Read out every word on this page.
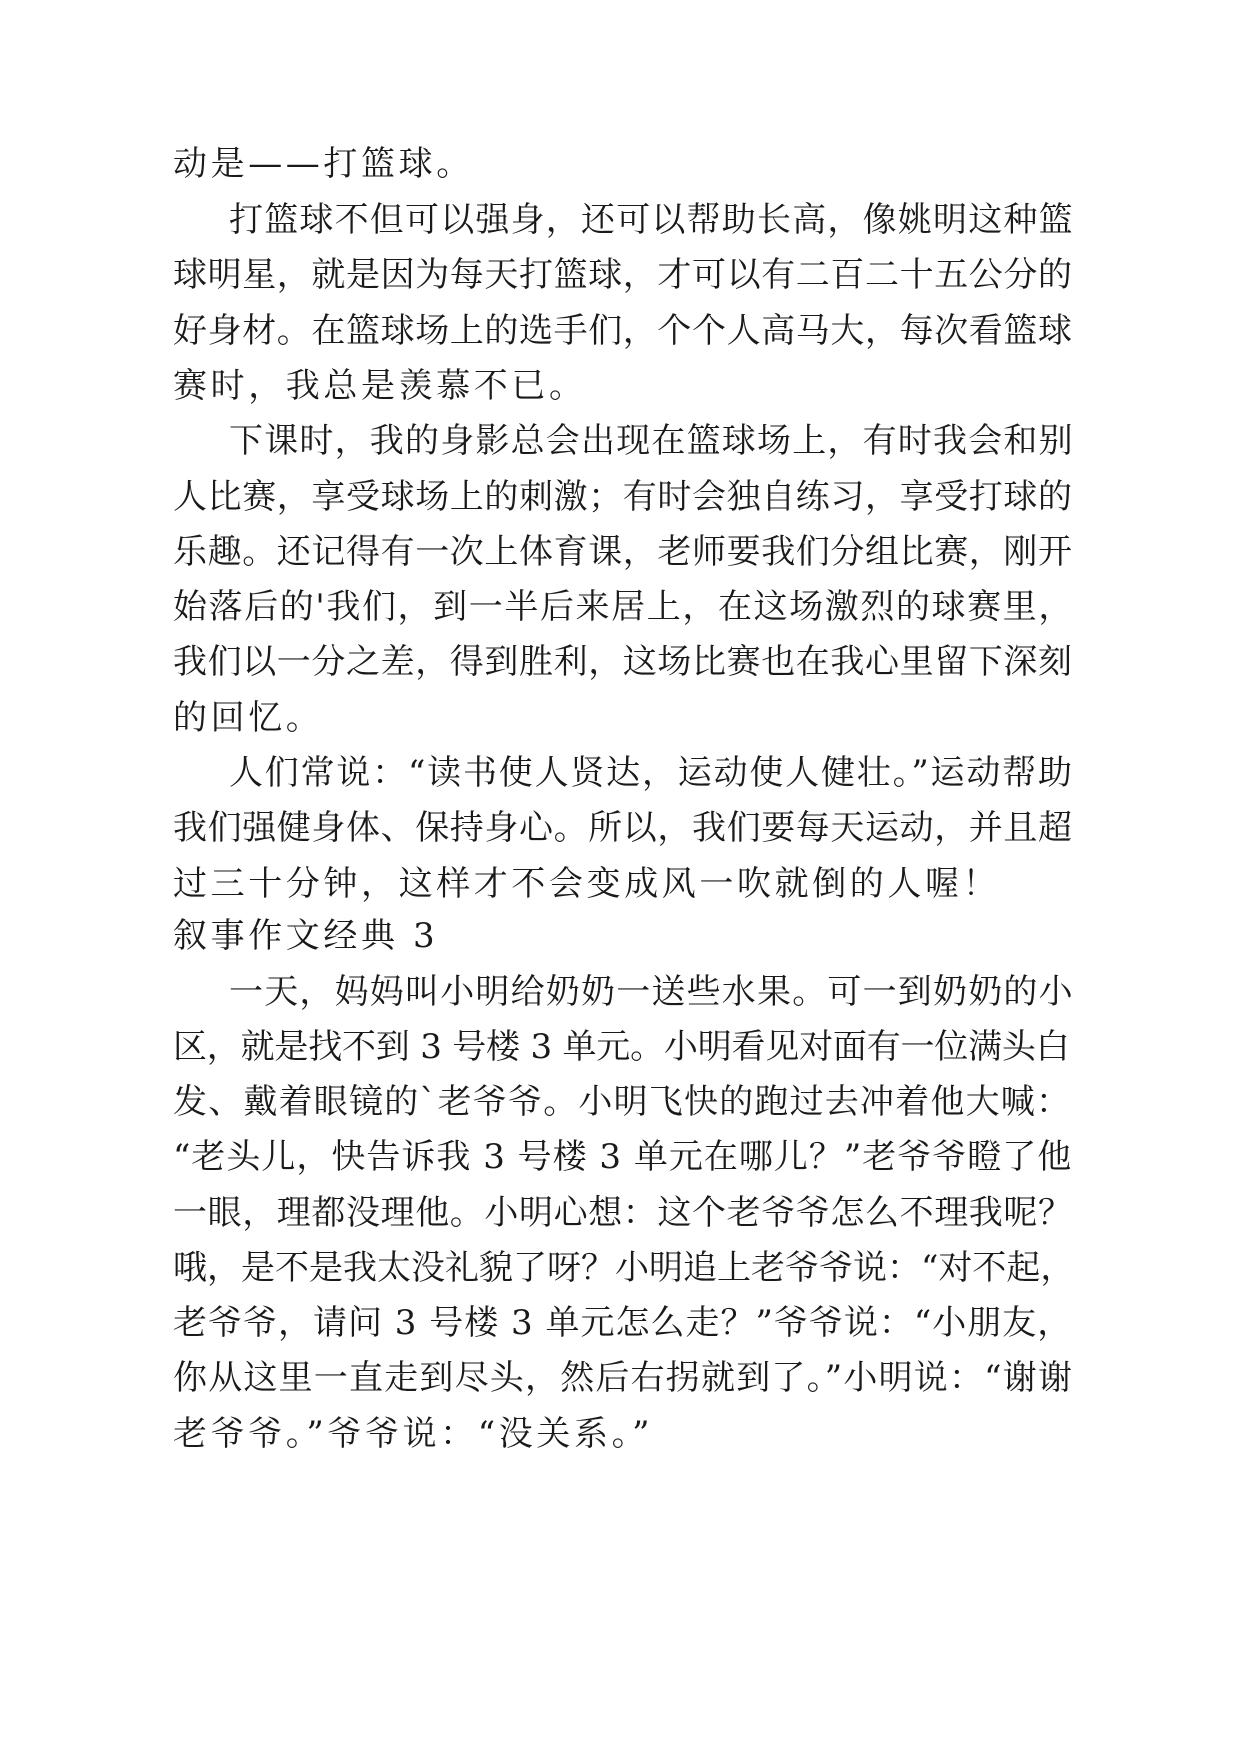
动是——打篮球。
打篮球不但可以强身，还可以帮助长高，像姚明这种篮
球明星，就是因为每天打篮球，才可以有二百二十五公分的
好身材。在篮球场上的选手们，个个人高马大，每次看篮球
赛时，我总是羡慕不已。
下课时，我的身影总会出现在篮球场上，有时我会和别
人比赛，享受球场上的刺激；有时会独自练习，享受打球的
乐趣。还记得有一次上体育课，老师要我们分组比赛，刚开
始落后的'我们，到一半后来居上，在这场激烈的球赛里，
我们以一分之差，得到胜利，这场比赛也在我心里留下深刻
的回忆。
人们常说：“读书使人贤达，运动使人健壮。”运动帮助
我们强健身体、保持身心。所以，我们要每天运动，并且超
过三十分钟，这样才不会变成风一吹就倒的人喔！
叙事作文经典 3
一天，妈妈叫小明给奶奶一送些水果。可一到奶奶的小
区，就是找不到 3 号楼 3 单元。小明看见对面有一位满头白
发、戴着眼镜的`老爷爷。小明飞快的跑过去冲着他大喊：
“老头儿，快告诉我 3 号楼 3 单元在哪儿？”老爷爷瞪了他
一眼，理都没理他。小明心想：这个老爷爷怎么不理我呢？
哦，是不是我太没礼貌了呀？小明追上老爷爷说：“对不起，
老爷爷，请问 3 号楼 3 单元怎么走？”爷爷说：“小朋友，
你从这里一直走到尽头，然后右拐就到了。”小明说：“谢谢
老爷爷。”爷爷说：“没关系。”
